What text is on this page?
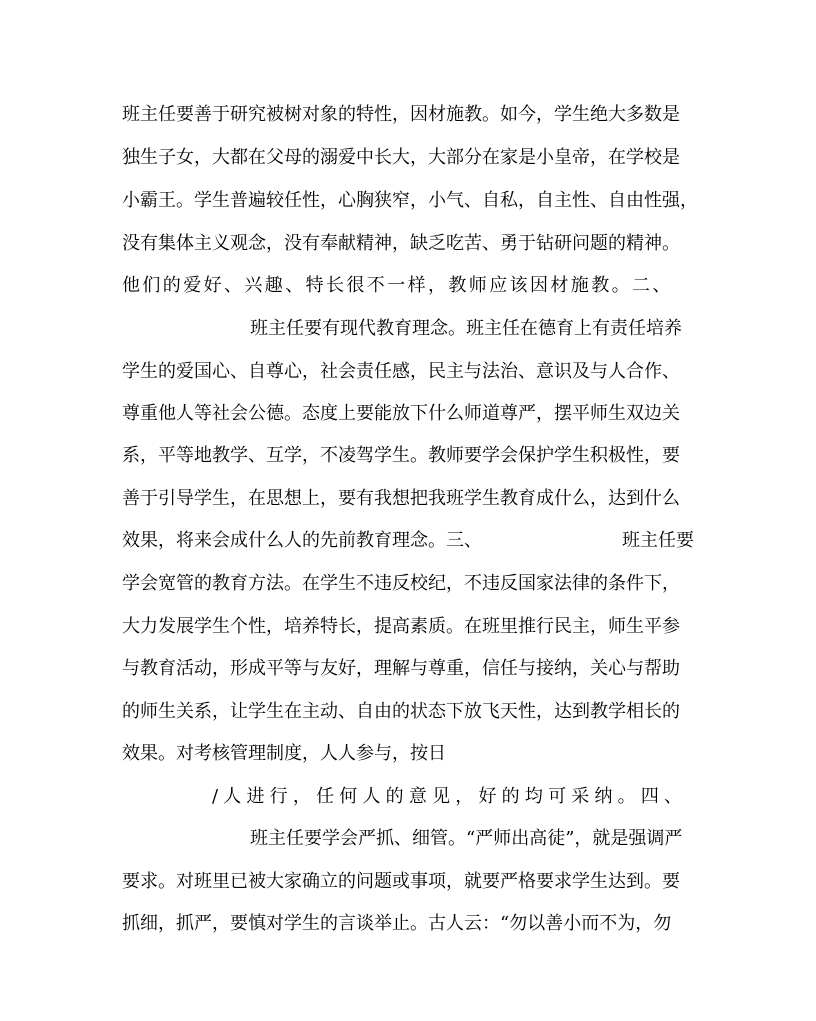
班主任要善于研究被树对象的特性，因材施教。如今，学生绝大多数是
独生子女，大都在父母的溺爱中长大，大部分在家是小皇帝，在学校是
小霸王。学生普遍较任性，心胸狭窄，小气、自私，自主性、自由性强，
没有集体主义观念，没有奉献精神，缺乏吃苦、勇于钻研问题的精神。
他们的爱好、兴趣、特长很不一样，教师应该因材施教。二、
班主任要有现代教育理念。班主任在德育上有责任培养
学生的爱国心、自尊心，社会责任感，民主与法治、意识及与人合作、
尊重他人等社会公德。态度上要能放下什么师道尊严，摆平师生双边关
系，平等地教学、互学，不凌驾学生。教师要学会保护学生积极性，要
善于引导学生，在思想上，要有我想把我班学生教育成什么，达到什么
效果，将来会成什么人的先前教育理念。三、	班主任要
学会宽管的教育方法。在学生不违反校纪，不违反国家法律的条件下，
大力发展学生个性，培养特长，提高素质。在班里推行民主，师生平参
与教育活动，形成平等与友好，理解与尊重，信任与接纳，关心与帮助
的师生关系，让学生在主动、自由的状态下放飞天性，达到教学相长的
效果。对考核管理制度，人人参与，按日
/人进行，任何人的意见，好的均可采纳。四、
班主任要学会严抓、细管。“严师出高徒”，就是强调严
要求。对班里已被大家确立的问题或事项，就要严格要求学生达到。要
抓细，抓严，要慎对学生的言谈举止。古人云：“勿以善小而不为，勿
